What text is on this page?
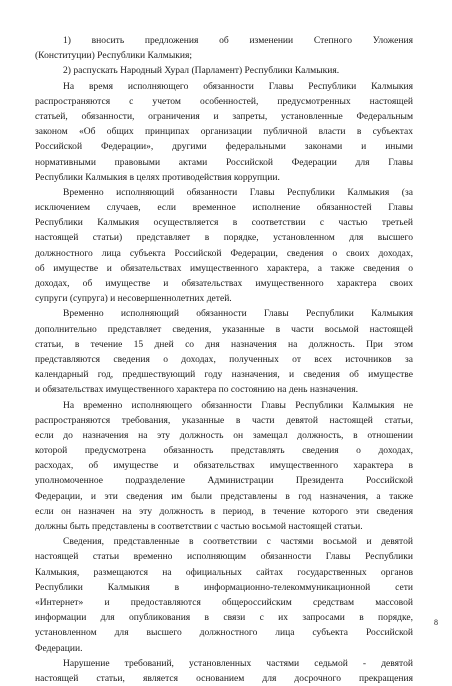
1) вносить предложения об изменении Степного Уложения
(Конституции) Республики Калмыкия;

2) распускать Народный Хурал (Парламент) Республики Калмыкия.

На время исполняющего обязанности Главы Республики Калмыкия
распространяются с учетом особенностей, предусмотренных настоящей
статьей, обязанности, ограничения и запреты, установленные Федеральным
законом «Об общих принципах организации публичной власти в субъектах
Российской Федерации», другими федеральными законами и иными
нормативными правовыми актами Российской Федерации для Главы
Республики Калмыкия в целях противодействия коррупции.

Временно исполняющий обязанности Главы Республики Калмыкия (за
исключением случаев, если временное исполнение обязанностей Главы
Республики Калмыкия осуществляется в соответствии с частью третьей
настоящей статьи) представляет в порядке, установленном для высшего
должностного лица субъекта Российской Федерации, сведения о своих доходах,
об имуществе и обязательствах имущественного характера, а также сведения о
доходах, об имуществе и обязательствах имущественного характера своих
супруги (супруга) и несовершеннолетних детей.

Временно исполняющий обязанности Главы Республики Калмыкия
дополнительно представляет сведения, указанные в части восьмой настоящей
статьи, в течение 15 дней со дня назначения на должность. При этом
представляются сведения о доходах, полученных от всех источников за
календарный год, предшествующий году назначения, и сведения об имуществе
и обязательствах имущественного характера по состоянию на день назначения.

На временно исполняющего обязанности Главы Республики Калмыкия не
распространяются требования, указанные в части девятой настоящей статьи,
если до назначения на эту должность он замещал должность, в отношении
которой предусмотрена обязанность представлять сведения о доходах,
расходах, об имуществе и обязательствах имущественного характера в
уполномоченное подразделение Администрации Президента Российской
Федерации, и эти сведения им были представлены в год назначения, а также
если он назначен на эту должность в период, в течение которого эти сведения
должны быть представлены в соответствии с частью восьмой настоящей статьи.

Сведения, представленные в соответствии с частями восьмой и девятой
настоящей статьи временно исполняющим обязанности Главы Республики
Калмыкия, размещаются на официальных сайтах государственных органов
Республики Калмыкия в информационно-телекоммуникационной сети
«Интернет» и предоставляются общероссийским средствам массовой
информации для опубликования в связи с их запросами в порядке,
установленном для высшего должностного лица субъекта Российской
Федерации.

Нарушение требований, установленных частями седьмой - девятой
настоящей статьи, является основанием для досрочного прекращения

8
